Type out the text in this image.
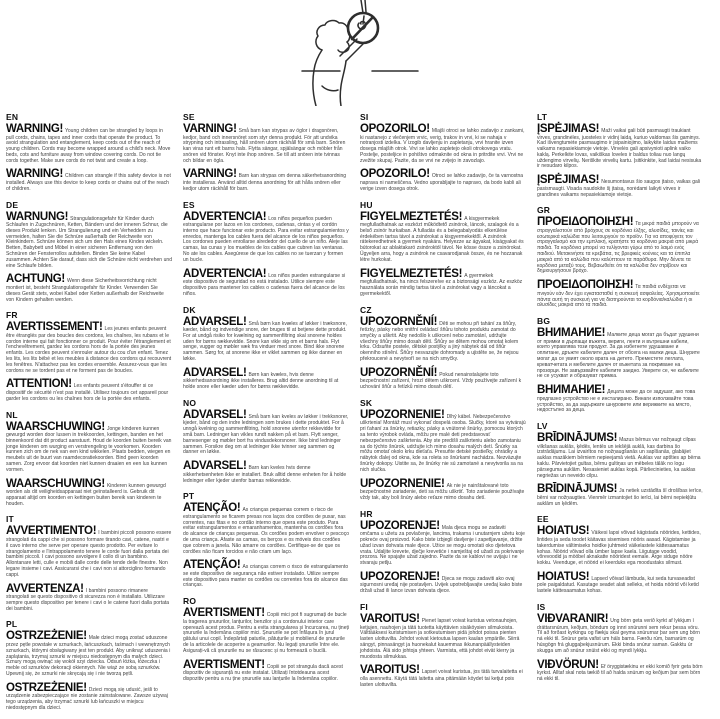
EN

WARNING! Young children can be strangled by loops in pull cords, chains, tapes and inner cords that operate the product. To avoid strangulation and entanglement, keep cords out of the reach of young children. Cords may become wrapped around a child's neck. Move beds, cots and furniture away from window covering cords. Do not tie cords together. Make sure cords do not twist and create a loop.

WARNING! Children can strangle if this safety device is not installed. Always use this device to keep cords or chains out of the reach of children.

DE

WARNUNG! Strangulationsgefahr für Kinder durch Schlaufen in Zugschnüren, Ketten, Bändern und der inneren Schnur, die dieses Produkt lenken. Um Strangulierung und ein Verheddern zu vermeiden, halten Sie die Schnüre außerhalb der Reichweite von Kleinkindern. Schnüre können sich um den Hals eines Kindes wickeln. Betten, Babybett und Möbel in einer sicheren Entfernung von den Schnüren der Fensterrollos aufstellen. Binden Sie keine Kabel zusammen. Achten Sie darauf, dass sich die Schnüre nicht verdrehen und eine Schlaufe bilden.

ACHTUNG! Wenn diese Sicherheitsvorrichtung nicht montiert ist, besteht Strangulationsgefahr für Kinder. Verwenden Sie dieses Gerät stets, wobei Kabel oder Ketten außerhalb der Reichweite von Kindern gehalten werden.

FR

AVERTISSEMENT! Les jeunes enfants peuvent être étranglés par des boucles des cordons, les chaînes, les rubans et le cordon interne qui fait fonctionner ce produit. Pour éviter l'étranglement et l'enchevêtrement, gardez les cordons hors de la portée des jeunes enfants. Les cordes peuvent s'enrouler autour du cou d'un enfant. Tenez les lits, les lits bébé et les meubles à distance des cordons qui recouvrent les fenêtres. N'attachez pas les cordes ensemble. Assurez-vous que les cordons ne se tordent pas et ne forment pas de boucles.

ATTENTION! Les enfants peuvent s'étouffer si ce dispositif de sécurité n'est pas installé. Utilisez toujours cet appareil pour garder les cordons ou les chaînes hors de la portée des enfants.

NL

WAARSCHUWING! Jonge kinderen kunnen gewurgd worden door lussen in trekkoorden, kettingen, banden en het binnenkoord dat dit product aanstuurt. Houd de koorden buiten bereik van jonge kinderen om wurging en verstrengeling te voorkomen. Koorden kunnen zich om de nek van een kind wikkelen. Plaats bedden, wiegen en meubels uit de buurt van raamdecoratiekoorden. Bind geen koorden samen. Zorg ervoor dat koorden niet kunnen draaien en een lus kunnen vormen.

WAARSCHUWING! Kinderen kunnen gewurgd worden als dit veiligheidsapparaat niet geïnstalleerd is. Gebruik dit apparaat altijd om koorden en kettingen buiten bereik van kinderen te houden.

IT

AVVERTIMENTO! I bambini piccoli possono essere strangolati da cappi che si possono formare tirando cavi, catene, nastri e il cavo interno che serve per operare questo prodotto. Per evitare lo strangolamento e l'intrappolamento tenere le corde fuori dalla portata dei bambini piccoli. I cavi possono avvolgere il collo di un bambino. Allontanare letti, culle e mobili dalle corde delle tende delle finestre. Non legare insieme i cavi. Assicurarsi che i cavi non si attorciglino formando cappi.

AVVERTENZA! I bambini possono rimanere strangolati se questo dispositivo di sicurezza non è installato. Utilizzare sempre questo dispositivo per tenere i cavi o le catene fuori dalla portata dei bambini.

PL

OSTRZEŻENIE! Małe dzieci mogą zostać uduszone przez pętle powstałe w sznurkach, łańcuszkach, taśmach i wewnętrznych sznurkach, którymi obsługiwany jest ten produkt. Aby uniknąć uduszenia i zaplątania, trzymaj sznurki w miejscu niedostępnym dla małych dzieci. Sznury mogą owinąć się wokół szyi dziecka. Odsuń łóżka, łóżeczka i meble od sznurków dekoracji okiennych. Nie wiąż ze sobą sznurków. Upewnij się, że sznurki nie skręcają się i nie tworzą pętli.

OSTRZEŻENIE! Dzieci mogą się udusić, jeśli to urządzenie zabezpieczające nie zostanie zainstalowane. Zawsze używaj tego urządzenia, aby trzymać sznurki lub łańcuszki w miejscu niedostępnym dla dzieci.

SE

VARNING! Små barn kan strypas av öglor i dragsnören, kedjor, band och innersnöret som styr denna produkt. För att undvika strypning och intrassling, håll snören utom räckhåll för små barn. Snören kan viras runt ett barns hals. Flytta sängar, spjälsängar och möbler från snören vid fönster. Knyt inte ihop snören. Se till att snören inte tvinnas och bildar en ögla.

VARNING! Barn kan strypas om denna säkerhetsanordning inte installeras. Använd alltid denna anordning för att hålla snören eller kedjor utom räckhåll för barn.

ES

ADVERTENCIA! Los niños pequeños pueden estrangularse por lazos en los cordones, cadenas, cintas y el cordón interno que hace funcionar este producto. Para evitar estrangulamientos y enredos, mantenga los cables fuera del alcance de los niños pequeños. Los cordones pueden enrollarse alrededor del cuello de un niño. Aleje las camas, las cunas y los muebles de los cables que cubren las ventanas. No ate los cables. Asegúrese de que los cables no se tuerzan y formen un bucle.

ADVERTENCIA! Los niños pueden estrangularse si este dispositivo de seguridad no está instalado. Utilice siempre este dispositivo para mantener los cables o cadenas fuera del alcance de los niños.

DK

ADVARSEL! Små børn kan kvæles af løkker i træksnore, kæder, bånd og indvendige snore, der bruges til at betjene dette produkt. For at undgå risiko for kvælning og sammenfiltring skal snorene holdes uden for børns rækkevidde. Snore kan vikle sig om et barns hals. Flyt senge, vugger og møbler væk fra vinduer med snore. Bind ikke snorene sammen. Sørg for, at snorene ikke er viklet sammen og ikke danner en løkke.

ADVARSEL! Børn kan kvæles, hvis denne sikkerhedsanordning ikke installeres. Brug altid denne anordning til at holde snore eller kæder uden for børns rækkevidde.

NO

ADVARSEL! Små barn kan kveles av løkker i trekksnorer, kjeder, bånd og den indre ledningen som brukes i dette produktet. For å unngå kvelning og sammenfiltring, hold snorene utenfor rekkevidde for små barn. Ledninger kan vikles rundt nakken på et barn. Flytt senger, barnesenger og møbler bort fra vindusdekorsnorer. Ikke bind ledninger sammen. Forsikre deg om at ledninger ikke tvinner seg sammen og danner en løkke.

ADVARSEL! Barn kan kveles hvis denne sikkerhetsenheten ikke er installert. Bruk alltid denne enheten for å holde ledninger eller kjeder utenfor barnas rekkevidde.

PT

ATENÇÃO! As crianças pequenas correm o risco de estrangulamento se ficarem presas nos laços dos cordões de puxar, nas correntes, nas fitas e no cordão interno que opera este produto. Para evitar estrangulamentos e emaranhamentos, mantenha os cordões fora do alcance de crianças pequenas. Os cordões podem envolver o pescoço de uma criança. Afaste as camas, os berços e os móveis dos cordões que cobrem a janela. Não amarre os cordões. Certifique-se de que os cordões não ficam torcidos e não criam um laço.

ATENÇÃO! As crianças correm o risco de estrangulamento se este dispositivo de segurança não estiver instalado. Utilize sempre este dispositivo para manter os cordões ou correntes fora do alcance das crianças.

RO

AVERTISMENT! Copiii mici pot fi sugrumați de bucle la tragerea șnururilor, lanțurilor, benzilor și a cordonului interior care operează acest produs. Pentru a evita strangularea și încurcarea, nu țineți șnururile la îndemâna copiilor mici. Șnururile se pot înfășura în jurul gâtului unui copil. Îndepărtați paturile, pătuțurile și mobilierul de șnururile de la articolele de acoperire a geamurilor. Nu legați șnururile între ele. Asigurați-vă că șnururile nu se răsucesc și nu formează o buclă.

AVERTISMENT! Copiii se pot strangula dacă acest dispozitiv de siguranță nu este instalat. Utilizați întotdeauna acest dispozitiv pentru a nu ține șnururile sau lanțurile la îndemâna copiilor.

SI

OPOZORILO! Mlajši otroci se lahko zadavijo z zankami, ki nastanejo z vlečenjem vrvic, verig, trakov in vrvi, ki se nahaja v notranjosti izdelka. V izogib davljenju in zapletanju, vrvi hranite izven dosega mlajših otrok. Vrvi se lahko zapletejo okoli otrokovega vratu. Postelje, posteljice in pohištvo odmaknite od okna in pritrdite vrvi. Vrvi ne zvežite skupaj. Pazite, da se vrvi ne zvijejo in zavozlajo.

OPOZORILO! Otroci se lahko zadavijo, če ta varnostna naprava ni nameščena. Vedno uporabljajte to napravo, da bodo kabli ali verige izven dosega otrok.

HU

FIGYELMEZTETÉS! A kisgyermekek megfulladhatnak az eszközt működtető zsinórok, láncok, szalagok és a belső zsinór hurkaiban. A fulladás és a belegabalyodás elkerülése érdekében tartsa távol a zsinórokat a kisgyermekektől. A zsinórok rátekeredhetnek a gyermek nyakára. Helyezze az ágyakat, kiságyakat és bútorokat az ablaktakaró zsinóroktól távol. Ne kösse össze a zsinórokat. Ügyeljen arra, hogy a zsinórok ne csavarodjanak össze, és ne hozzanak létre hurkokat.

FIGYELMEZTETÉS! A gyermekek megfulladhatnak, ha nincs felszerelve ez a biztonsági eszköz. Az eszköz használata során mindig tartsa távol a zsinórokat vagy a láncokat a gyermekektől.

CZ

UPOZORNĚNÍ! Děti se mohou při tahání za šňůry, řetízky, pásky nebo vnitřní ovládací šňůru tohoto produktu zamotat do smyčky a uškrtit. Aby nedošlo k uškrcení nebo zamotání, udržujte všechny šňůry mimo dosah dětí. Šňůry se dětem mohou omotat kolem krku. Odsuňte postele, dětské postýlky a jiný nábytek dál od šňůr okenního stínění. Šňůry nesvazujte dohromady a ujistěte se, že nejsou překroucené a nevytvoří se na nich smyčky.

UPOZORNĚNÍ! Pokud nenainstalujete toto bezpečnostní zařízení, hrozí dětem uškrcení. Vždy používejte zařízení k uchování šňůr a řetízků mimo dosah dětí.

SK

UPOZORNENIE! Dlhý kábel. Nebezpečenstvo uškrtenia! Montáž musí vykonať dospelá osoba. Slučky, ktoré sa vytvárajú pri ťahaní za šnúrky, retiazky, pásky a vnútorné šnúrky, pomocou ktorých sa tento výrobok ovláda, môžu pre malé deti predstavovať nebezpečenstvo zaškrtenia. Aby ste predišli zaškrteniu alebo zamotaniu sa do týchto šnúrok, udržujte ich mimo dosahu malých detí. Šnúrky sa môžu omotať okolo krku dieťaťa. Presuňte detské postieľky, ohrádky a nábytok ďalej od okna, kde sa roleta so šnúrkami nachádza. Nezväzujte šnúrky dokopy. Uistite sa, že šnúrky nie sú zamotané a nevytvorila sa na nich slučka.

UPOZORNENIE! Ak nie je nainštalované toto bezpečnostné zariadenie, deti sa môžu uškrtiť. Toto zariadenie používajte vždy tak, aby boli šnúry alebo reťaze mimo dosahu detí.

HR

UPOZORENJE! Mala djeca mogu se zadaviti omčama u užetu za povlačenje, lancima, trakama i unutarnjem užetu koje pokreće ovaj proizvod. Kako biste izbjegli davljenje i zapetljavanje, držite užad izvan dohvata male djece. Užice se mogu omotati oko djetetova vrata. Udaljite krevete, dječje krevetiće i namještaj od užadi za pokrivanje prozora. Ne spajajte užad zajedno. Pazite da se kablovi ne uvijaju i ne stvaraju petlju.

UPOZORENJE! Djeca se mogu zadaviti ako ovaj sigurnosni uređaj nije postavljen. Uvijek upotrebljavajte uređaj kako biste držali užad ili lance izvan dohvata djece.

FI

VAROITUS! Pienet lapset voivat kuristua vetonauhojen, ketjujen, nauhojen ja tätä tuotetta käyttävien sisäköysien silmukoista. Välttääksesi kuristumisen ja sotkeutumisen pidä johdot poissa pienten lasten ulottuvilta. Johdot voivat kietoutua lapsen kaulan ympärille. Siirrä sängyt, pinnasängyt ja huonekalut kauemmas ikkunanpäällysteiden johdoista. Älä sido johtoja yhteen. Varmista, että johdot eivät kierry ja muodosta silmukkaa.

VAROITUS! Lapset voivat kuristua, jos tätä turvalaitetta ei olla asennettu. Käytä tätä laitetta aina pitämään köydet tai ketjut pois lasten ulottuvilta.

LT

ĮSPĖJIMAS! Maži vaikai gali būti pasmaugti traukiant virves, grandinėles, juosteles ir vidinį laidą, kuriuo valdomas šis gaminys. Kad išvengtumėte pasmaugimo ir įsipainiojimo, laikykite laidus mažiems vaikams nepasiekiamoje vietoje. Virvelės gali apsivynioti aplink vaiko kaklą. Perkelkite lovas, vaikiškas loveles ir baldus toliau nuo langų uždengimo virvelių. Neriškite virvelių kartu. Įsitikinkite, kad laidai nesisuka ir nesudaro kilpos.

ĮSPĖJIMAS! Nesumontavus šio saugos įtaiso, vaikas gali pasismaugti. Visada naudokite šį įtaisą, norėdami laikyti virves ir grandines vaikams nepasiekiamoje vietoje.

GR

ΠΡΟΕΙΔΟΠΟΙΗΣΗ! Τα μικρά παιδιά μπορούν να στραγγαλιστούν από βρόχους σε κορδόνια έλξης, αλυσίδες, ταινίες και εσωτερικά καλώδια που λειτουργούν το προϊόν. Για να αποφύγετε τον στραγγαλισμό και την εμπλοκή, κρατήστε τα κορδόνια μακριά από μικρά παιδιά. Τα κορδόνια μπορεί να τυλίγονται γύρω από το λαιμό ενός παιδιού. Μετακινήστε τα κρεβάτια, τις βρεφικές κούνιες και τα έπιπλα μακριά από τα καλώδια που καλύπτουν τα παράθυρα. Μην δένετε τα κορδόνια μεταξύ τους. Βεβαιωθείτε ότι τα καλώδια δεν στρίβουν και δημιουργήσουν βρόχο.

ΠΡΟΕΙΔΟΠΟΙΗΣΗ! Τα παιδιά ενδέχεται να πνιγούν εάν δεν έχει εγκατασταθεί η συσκευή ασφαλείας. Χρησιμοποιείτε πάντα αυτή τη συσκευή για να διατηρούνται τα κορδόνια/καλώδια ή οι αλυσίδες μακριά από τα παιδιά.

BG

ВНИМАНИЕ! Малките деца могат да бъдат удушени от примки в дърпащи въжета, вериги, ленти и вътрешни кабели, които управлява този продукт. За да избегнете удушаване и оплитане, дръжте кабелите далеч от обсега на малки деца. Шнурите могат да се увият около врата на детето. Преместете леглата, креватчетата и мебелите далеч от въжетата за покриване на прозорци. Не завързвайте кабелите заедно. Уверете се, че кабелите не се усукват и образуват примка.

ВНИМАНИЕ! Децата може да се задушат, ако това предпазно устройство не е инсталирано. Винаги използвайте това устройство, за да задържате шнуровете или верижките на място, недостъпно за деца.

LV

BRĪDINĀJUMS! Mazus bērnus var nožņaugt cilpas vilkšanas auklās, ķēdēs, lentēs un iekšējā auklā, kas darbina šo izstrādājumu. Lai izvairītos no nožņaugšanās un sapīšanās, glabājiet auklas mazākiem bērniem nepieejamā vietā. Auklas var aptīties ap bērna kaklu. Pārvietojiet gultas, bērnu gultiņas un mēbeles tālāk no logu pārseguma auklām. Nesasieniet auklas kopā. Pārliecinieties, ka auklas negriežas un neveido cilpu.

BRĪDINĀJUMS! Ja netiek uzstādīta šī drošības ierīce, bērni var nožņaugties. Vienmēr izmantojiet šo ierīci, lai bērni nepiekļūtu auklām un ķēdēm.

EE

HOIATUS! Väikesi lapsi võivad kägistada nöörides, kettides, lintides ja seda toodet käitavas sisemises nööris aasad. Kägistamise ja takerdumise vältimiseks hoidke juhtmeid väikelastele kättesaamatus kohas. Nöörid võivad olla ümber lapse kaela. Liigutage voodid, võrevoodid ja mööbel aknakatte nööridest eemale. Ärge siduge nööre kokku. Veenduge, et nöörid ei keerduks ega moodustaks silmust.

HOIATUS! Lapsed võivad lämbuda, kui seda turvaseadist pole paigaldatud. Kasutage seadet alati selleks, et hoida nöörid või ketid lastele kättesaamatus kohas.

IS

VIÐVARANIR! Ung börn geta verið kyrkt af lykkjum í dráttarsnúrum, keðjum, böndum og innri snúrunni sem rekur þessa vöru. Til að forðast kyrkingu og flækju skal geyma snúrurnar þar sem ung börn ná ekki til. Snúrur geta vafist um háls barns. Færðu rúm, barnarúm og húsgögn frá gluggaþekjusnúrum. Ekki binda snúrur saman. Gakktu úr skugga um að snúrur snúist ekki og myndi lykkju.

VIÐVÖRUN! Ef öryggistækinu er ekki komið fyrir geta börn kyrkst. Alltaf skal nota tækið til að halda snúrum og keðjum þar sem börn ná ekki til.
